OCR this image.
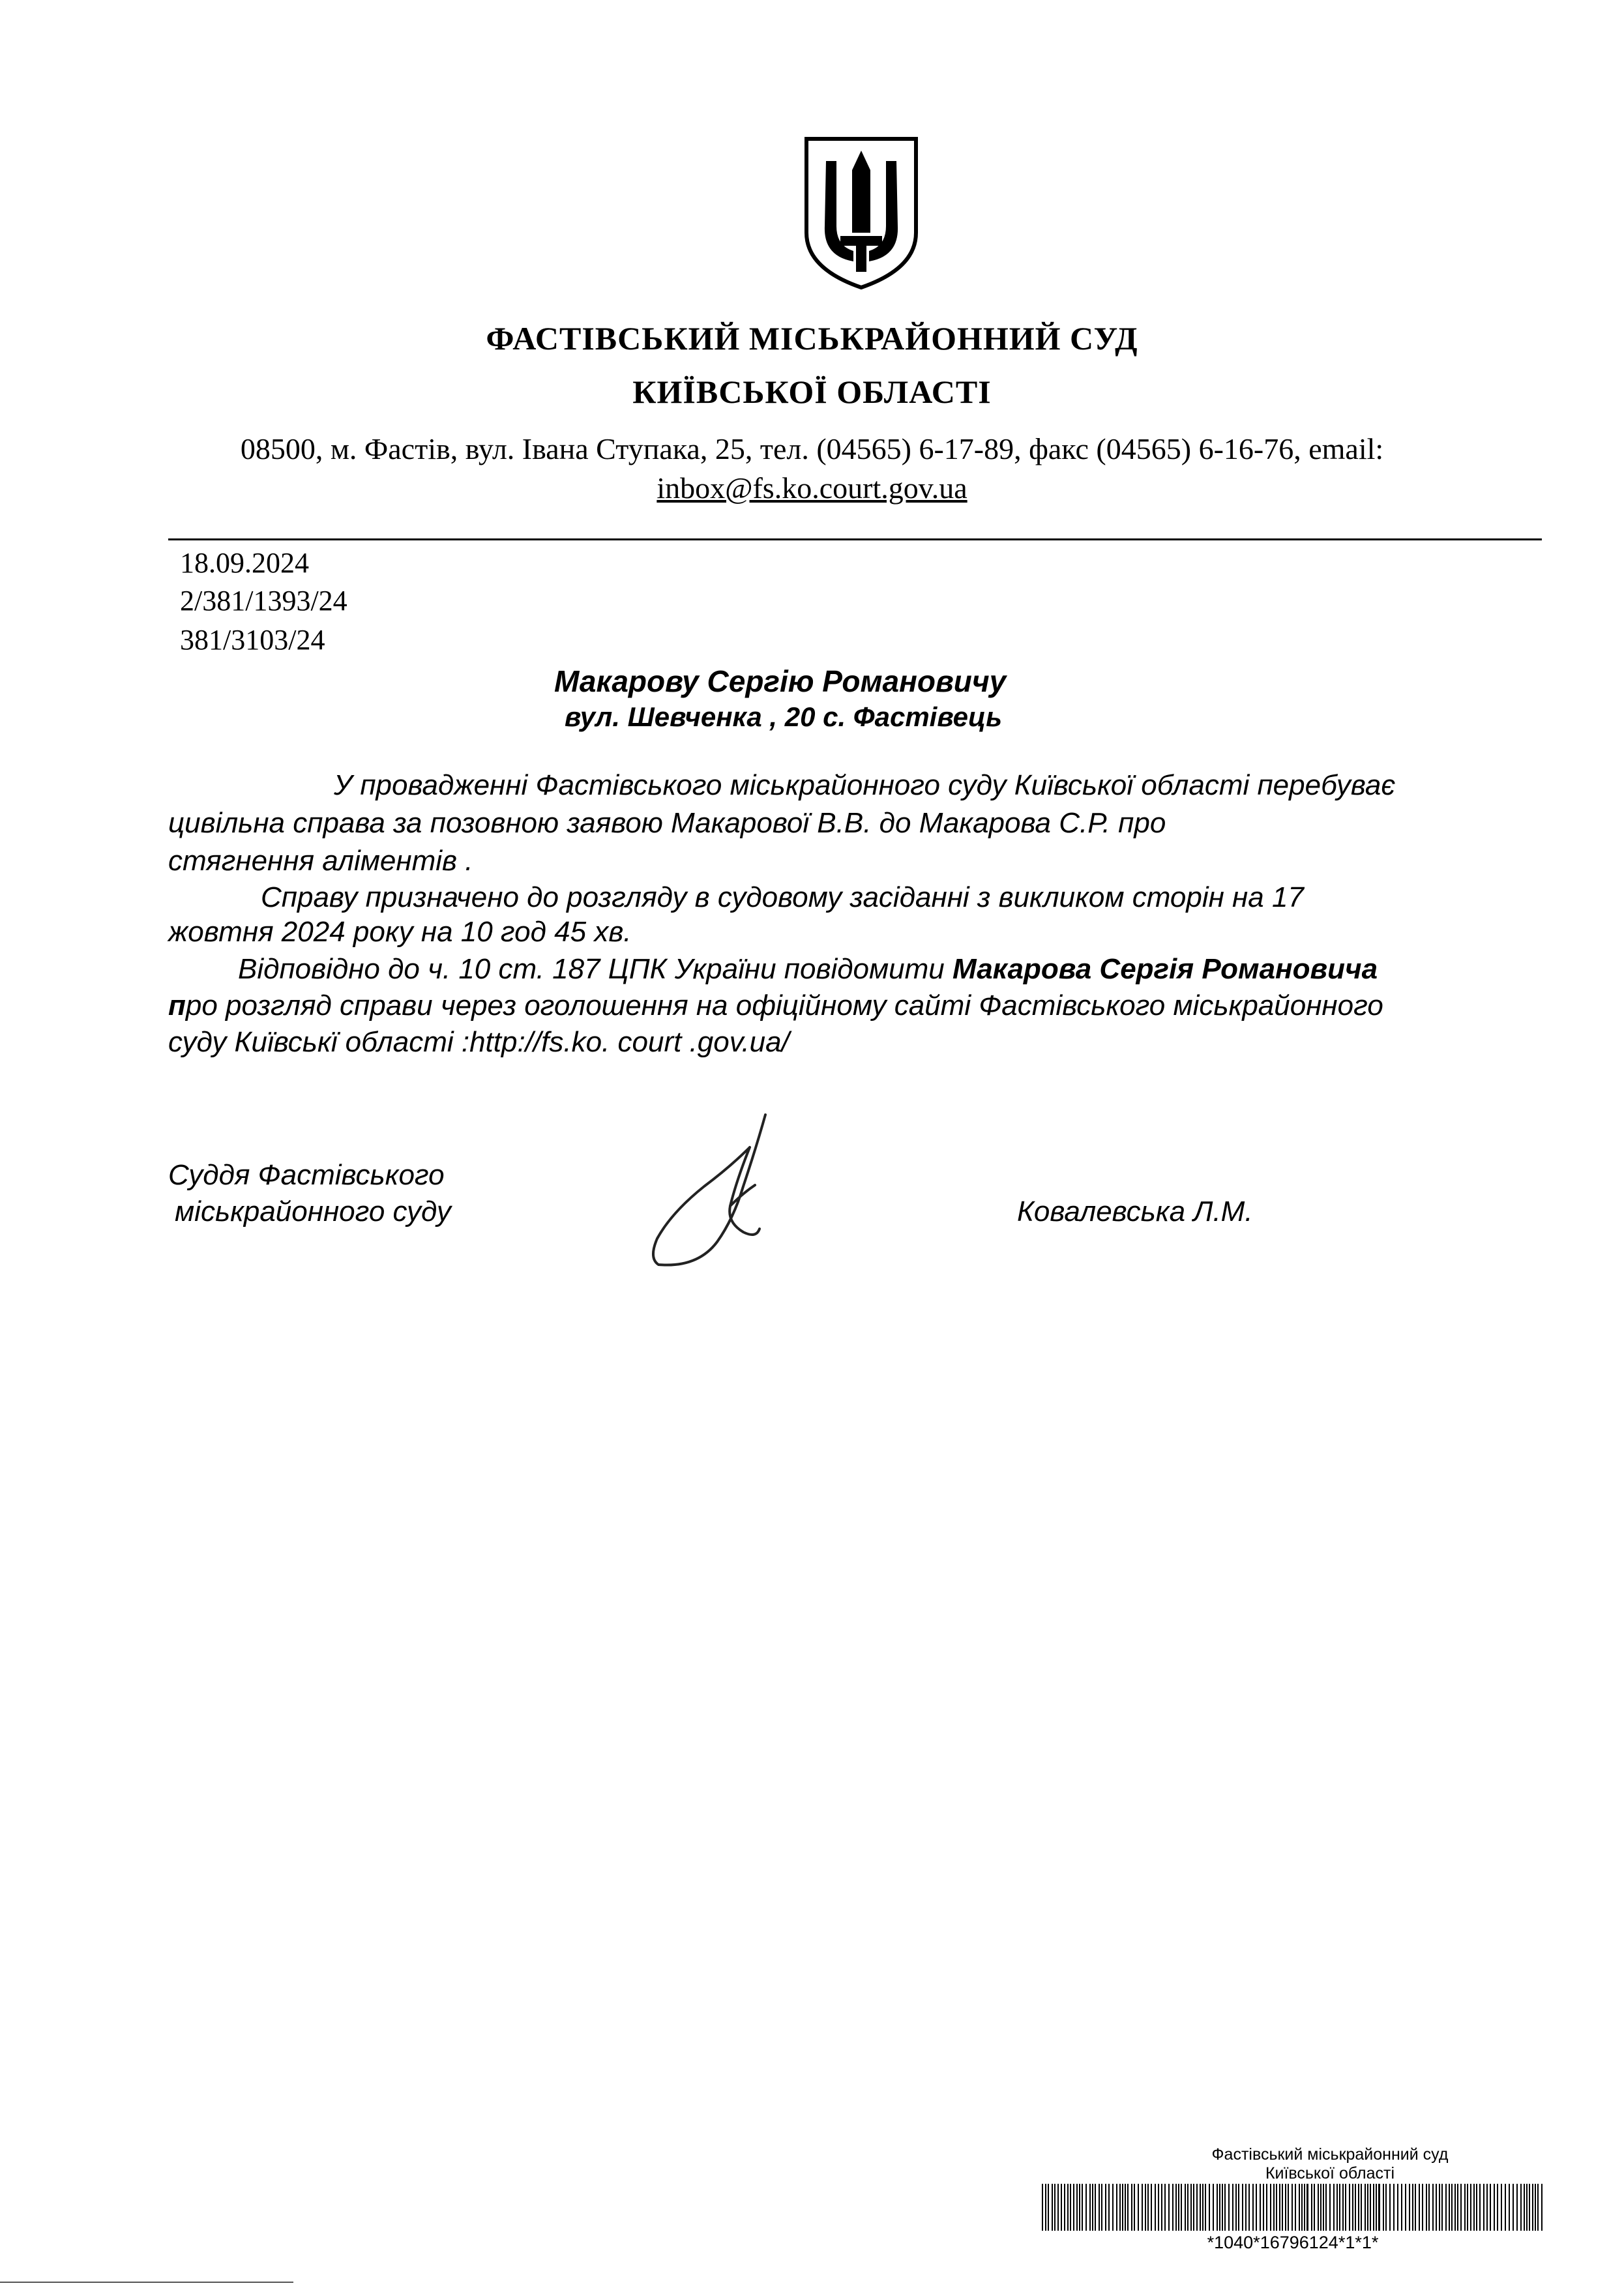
ФАСТІВСЬКИЙ МІСЬКРАЙОННИЙ СУД
КИЇВСЬКОЇ ОБЛАСТІ
08500, м. Фастів, вул. Івана Ступака, 25, тел. (04565) 6-17-89, факс (04565) 6-16-76, email:
inbox@fs.ko.court.gov.ua
18.09.2024
2/381/1393/24
381/3103/24
Макарову Сергію Романовичу
вул. Шевченка , 20 с. Фастівець
У провадженні Фастівського міськрайонного суду Київської області перебуває
цивільна справа за позовною заявою Макарової В.В. до Макарова С.Р. про
стягнення аліментів .
Справу призначено до розгляду в судовому засіданні з викликом сторін на 17
жовтня 2024 року на 10 год 45 хв.
Відповідно до ч. 10 ст. 187 ЦПК України повідомити Макарова Сергія Романовича
про розгляд справи через оголошення на офіційному сайті Фастівського міськрайонного
суду Київськї області :http://fs.ko. court .gov.ua/
Суддя Фастівського
міськрайонного суду	Ковалевська Л.М.
Фастівський міськрайонний суд
Київської області
*1040*16796124*1*1*
